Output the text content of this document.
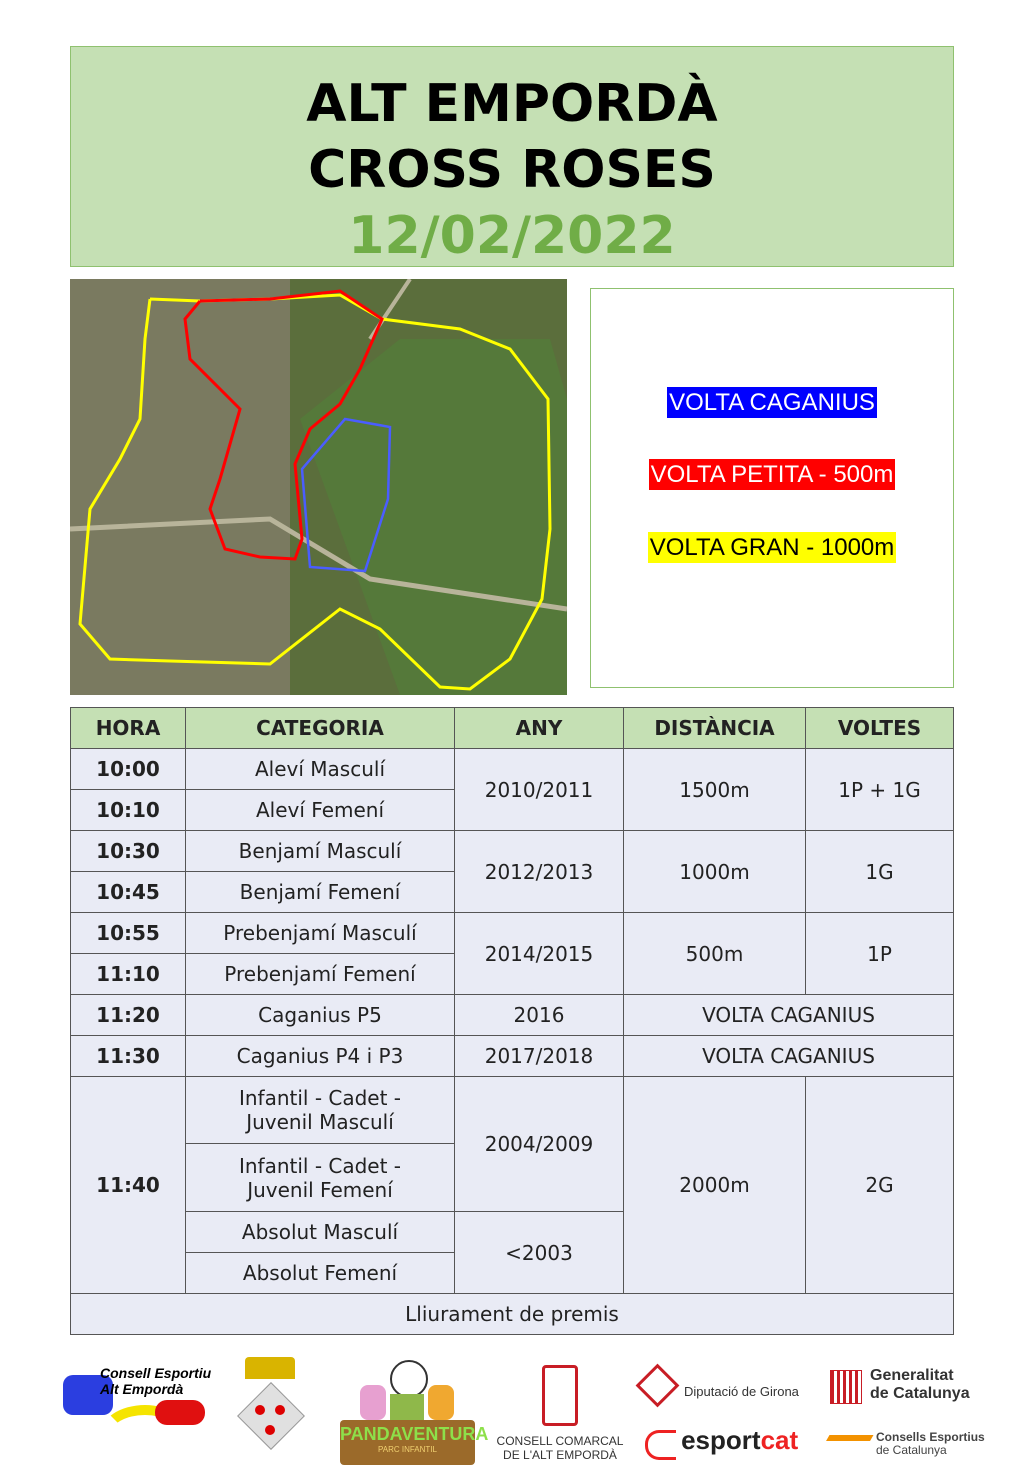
ALT EMPORDÀ
CROSS ROSES
12/02/2022
VOLTA CAGANIUS
VOLTA PETITA - 500m
VOLTA GRAN - 1000m
HORA	CATEGORIA	ANY	DISTÀNCIA	VOLTES
10:00	Aleví Masculí	2010/2011	1500m	1P + 1G
10:10	Aleví Femení			
10:30	Benjamí Masculí	2012/2013	1000m	1G
10:45	Benjamí Femení			
10:55	Prebenjamí Masculí	2014/2015	500m	1P
11:10	Prebenjamí Femení			
11:20	Caganius P5	2016	VOLTA CAGANIUS	
11:30	Caganius P4 i P3	2017/2018	VOLTA CAGANIUS	
11:40	Infantil - Cadet - Juvenil Masculí	2004/2009	2000m	2G
	Infantil - Cadet - Juvenil Femení			
	Absolut Masculí	<2003		
	Absolut Femení			
Lliurament de premis				
Consell Esportiu Alt Empordà
PANDAVENTURA
PARC INFANTIL
CONSELL COMARCAL
DE L'ALT EMPORDÀ
Diputació de Girona
Generalitat
de Catalunya
esportcat	Consells Esportius
de Catalunya
